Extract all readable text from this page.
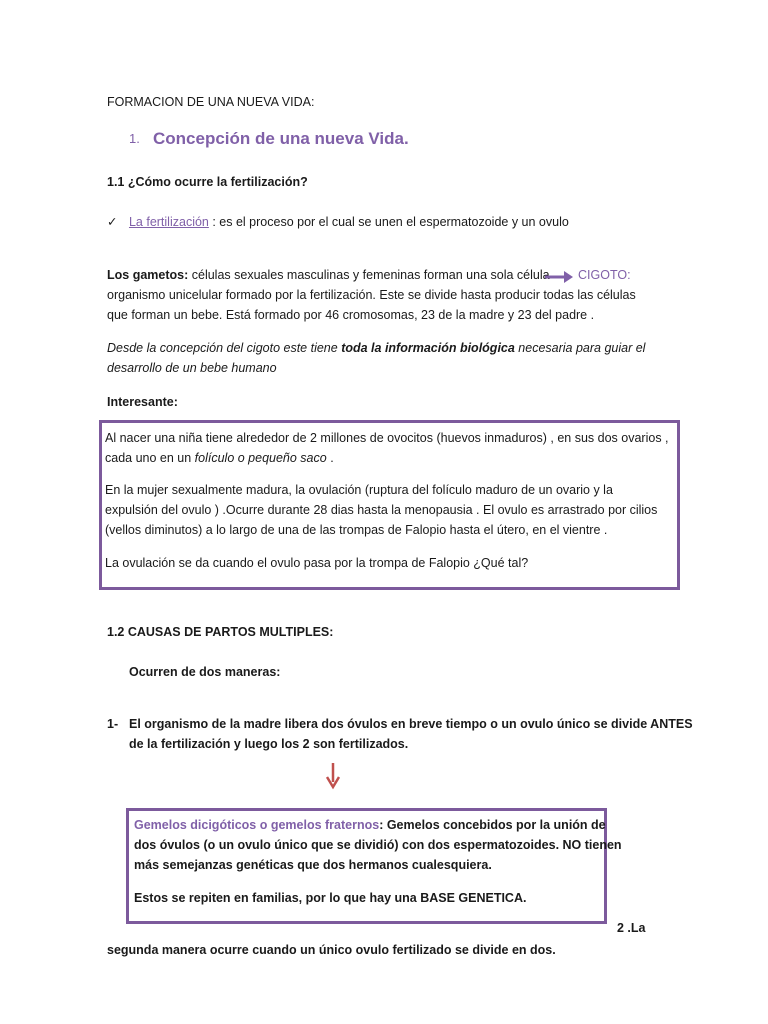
FORMACION DE UNA NUEVA VIDA:
1. Concepción de una nueva Vida.
1.1 ¿Cómo ocurre la fertilización?
✓ La fertilización : es el proceso por el cual se unen el espermatozoide y un ovulo
Los gametos: células sexuales masculinas y femeninas forman una sola célula CIGOTO:
organismo unicelular formado por la fertilización. Este se divide hasta producir todas las células
que forman un bebe. Está formado por 46 cromosomas, 23 de la madre y 23 del padre .
Desde la concepción del cigoto este tiene toda la información biológica necesaria para guiar el
desarrollo de un bebe humano
Interesante:
Al nacer una niña tiene alrededor de 2 millones de ovocitos (huevos inmaduros) , en sus dos ovarios ,
cada uno en un folículo o pequeño saco .
En la mujer sexualmente madura, la ovulación (ruptura del folículo maduro de un ovario y la
expulsión del ovulo ) .Ocurre durante 28 dias hasta la menopausia . El ovulo es arrastrado por cilios
(vellos diminutos) a lo largo de una de las trompas de Falopio hasta el útero, en el vientre .
La ovulación se da cuando el ovulo pasa por la trompa de Falopio ¿Qué tal?
1.2 CAUSAS DE PARTOS MULTIPLES:
Ocurren de dos maneras:
1- El organismo de la madre libera dos óvulos en breve tiempo o un ovulo único se divide ANTES
de la fertilización y luego los 2 son fertilizados.
Gemelos dicigóticos o gemelos fraternos: Gemelos concebidos por la unión de
dos óvulos (o un ovulo único que se dividió) con dos espermatozoides. NO tienen
más semejanzas genéticas que dos hermanos cualesquiera.
Estos se repiten en familias, por lo que hay una BASE GENETICA.
2 .La
segunda manera ocurre cuando un único ovulo fertilizado se divide en dos.
